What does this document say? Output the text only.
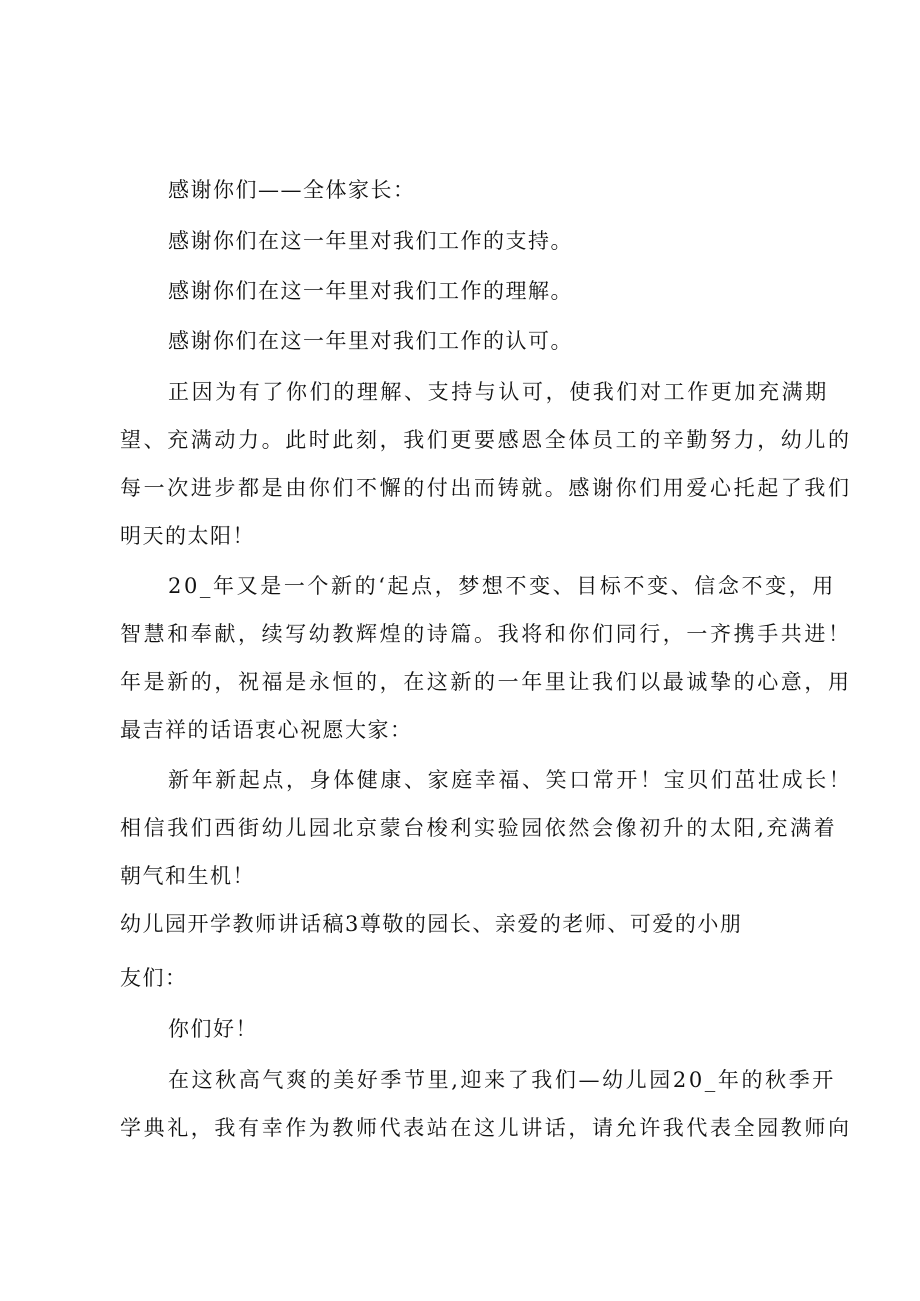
感谢你们——全体家长：
感谢你们在这一年里对我们工作的支持。
感谢你们在这一年里对我们工作的理解。
感谢你们在这一年里对我们工作的认可。
正因为有了你们的理解、支持与认可，使我们对工作更加充满期
望、充满动力。此时此刻，我们更要感恩全体员工的辛勤努力，幼儿的
每一次进步都是由你们不懈的付出而铸就。感谢你们用爱心托起了我们
明天的太阳！
20_年又是一个新的‘起点，梦想不变、目标不变、信念不变，用
智慧和奉献，续写幼教辉煌的诗篇。我将和你们同行，一齐携手共进！
年是新的，祝福是永恒的，在这新的一年里让我们以最诚挚的心意，用
最吉祥的话语衷心祝愿大家：
新年新起点，身体健康、家庭幸福、笑口常开！宝贝们茁壮成长！
相信我们西街幼儿园北京蒙台梭利实验园依然会像初升的太阳,充满着
朝气和生机！
幼儿园开学教师讲话稿3尊敬的园长、亲爱的老师、可爱的小朋
友们：
你们好！
在这秋高气爽的美好季节里,迎来了我们—幼儿园20_年的秋季开
学典礼，我有幸作为教师代表站在这儿讲话，请允许我代表全园教师向
